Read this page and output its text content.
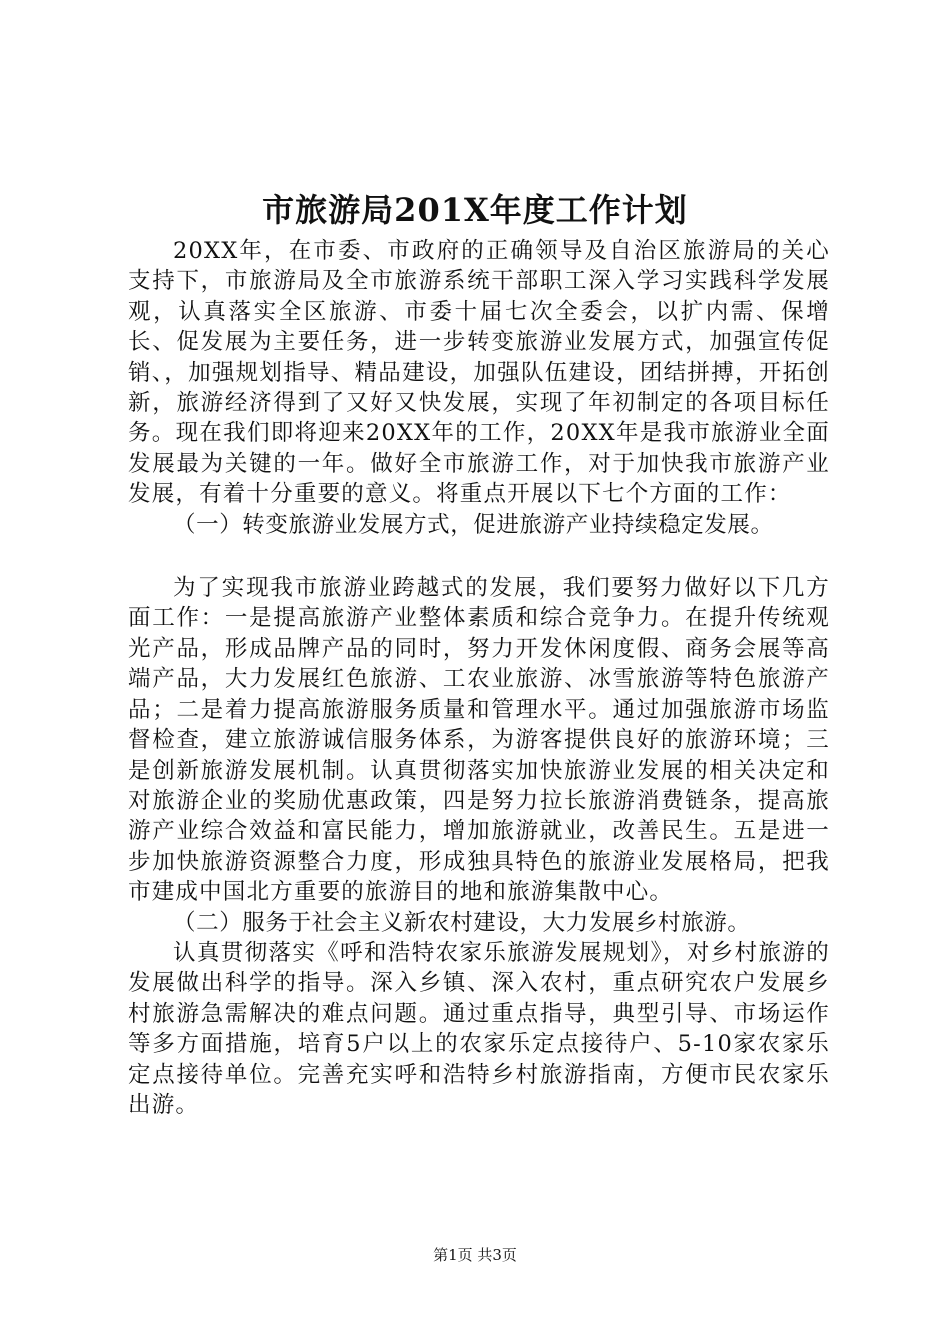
市旅游局201X年度工作计划

20XX年，在市委、市政府的正确领导及自治区旅游局的关心支持下，市旅游局及全市旅游系统干部职工深入学习实践科学发展观，认真落实全区旅游、市委十届七次全委会，以扩内需、保增长、促发展为主要任务，进一步转变旅游业发展方式，加强宣传促销、，加强规划指导、精品建设，加强队伍建设，团结拼搏，开拓创新，旅游经济得到了又好又快发展，实现了年初制定的各项目标任务。现在我们即将迎来20XX年的工作，20XX年是我市旅游业全面发展最为关键的一年。做好全市旅游工作，对于加快我市旅游产业发展，有着十分重要的意义。将重点开展以下七个方面的工作：

（一）转变旅游业发展方式，促进旅游产业持续稳定发展。

为了实现我市旅游业跨越式的发展，我们要努力做好以下几方面工作：一是提高旅游产业整体素质和综合竞争力。在提升传统观光产品，形成品牌产品的同时，努力开发休闲度假、商务会展等高端产品，大力发展红色旅游、工农业旅游、冰雪旅游等特色旅游产品；二是着力提高旅游服务质量和管理水平。通过加强旅游市场监督检查，建立旅游诚信服务体系，为游客提供良好的旅游环境；三是创新旅游发展机制。认真贯彻落实加快旅游业发展的相关决定和对旅游企业的奖励优惠政策，四是努力拉长旅游消费链条，提高旅游产业综合效益和富民能力，增加旅游就业，改善民生。五是进一步加快旅游资源整合力度，形成独具特色的旅游业发展格局，把我市建成中国北方重要的旅游目的地和旅游集散中心。

（二）服务于社会主义新农村建设，大力发展乡村旅游。

认真贯彻落实《呼和浩特农家乐旅游发展规划》，对乡村旅游的发展做出科学的指导。深入乡镇、深入农村，重点研究农户发展乡村旅游急需解决的难点问题。通过重点指导，典型引导、市场运作等多方面措施，培育5户以上的农家乐定点接待户、5-10家农家乐定点接待单位。完善充实呼和浩特乡村旅游指南，方便市民农家乐出游。

第1页 共3页
